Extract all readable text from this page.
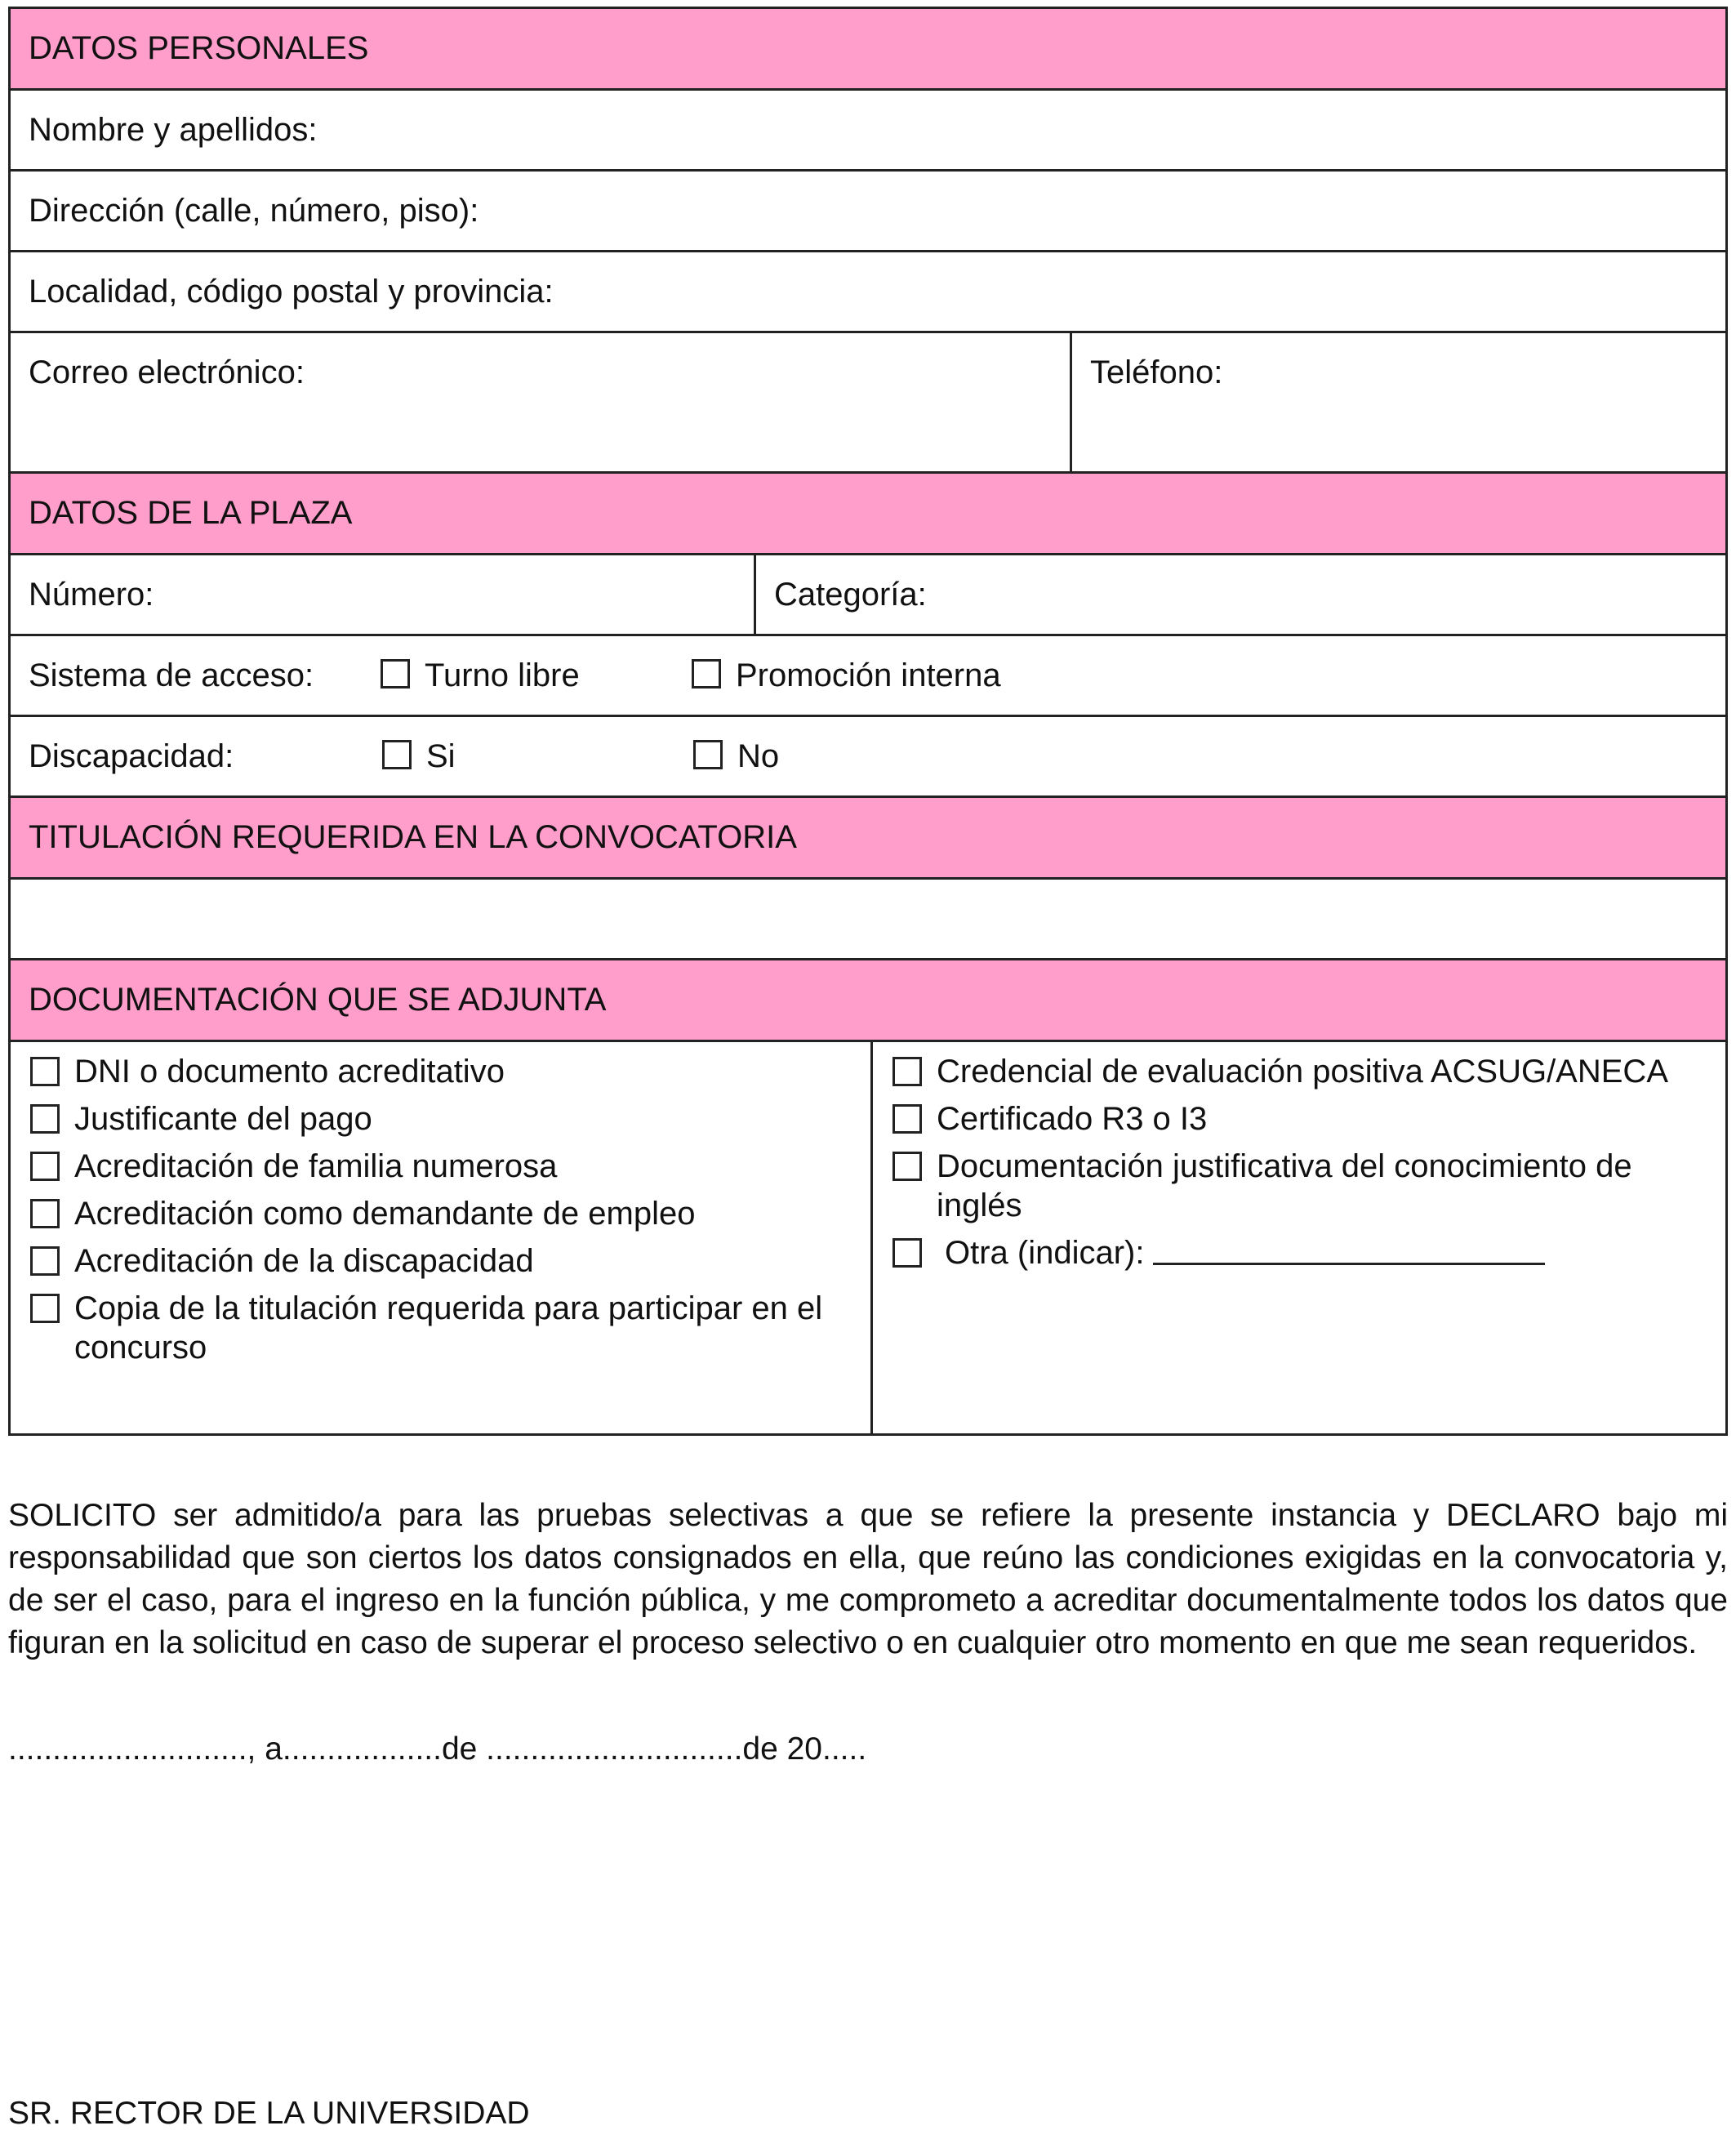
DATOS PERSONALES
Nombre y apellidos:
Dirección (calle, número, piso):
Localidad, código postal y provincia:
Correo electrónico:	Teléfono:
DATOS DE LA PLAZA
Número:	Categoría:
Sistema de acceso:	Turno libre	Promoción interna
Discapacidad:	Si	No
TITULACIÓN REQUERIDA EN LA CONVOCATORIA
DOCUMENTACIÓN QUE SE ADJUNTA
DNI o documento acreditativo
Justificante del pago
Acreditación de familia numerosa
Acreditación como demandante de empleo
Acreditación de la discapacidad
Copia de la titulación requerida para participar en el concurso
Credencial de evaluación positiva ACSUG/ANECA
Certificado R3 o I3
Documentación justificativa del conocimiento de inglés
Otra (indicar):
SOLICITO ser admitido/a para las pruebas selectivas a que se refiere la presente instancia y DECLARO bajo mi responsabilidad que son ciertos los datos consignados en ella, que reúno las condiciones exigidas en la convocatoria y, de ser el caso, para el ingreso en la función pública, y me comprometo a acreditar documentalmente todos los datos que figuran en la solicitud en caso de superar el proceso selectivo o en cualquier otro momento en que me sean requeridos.
..........................., a..................de .............................de 20.....
SR. RECTOR DE LA UNIVERSIDAD
